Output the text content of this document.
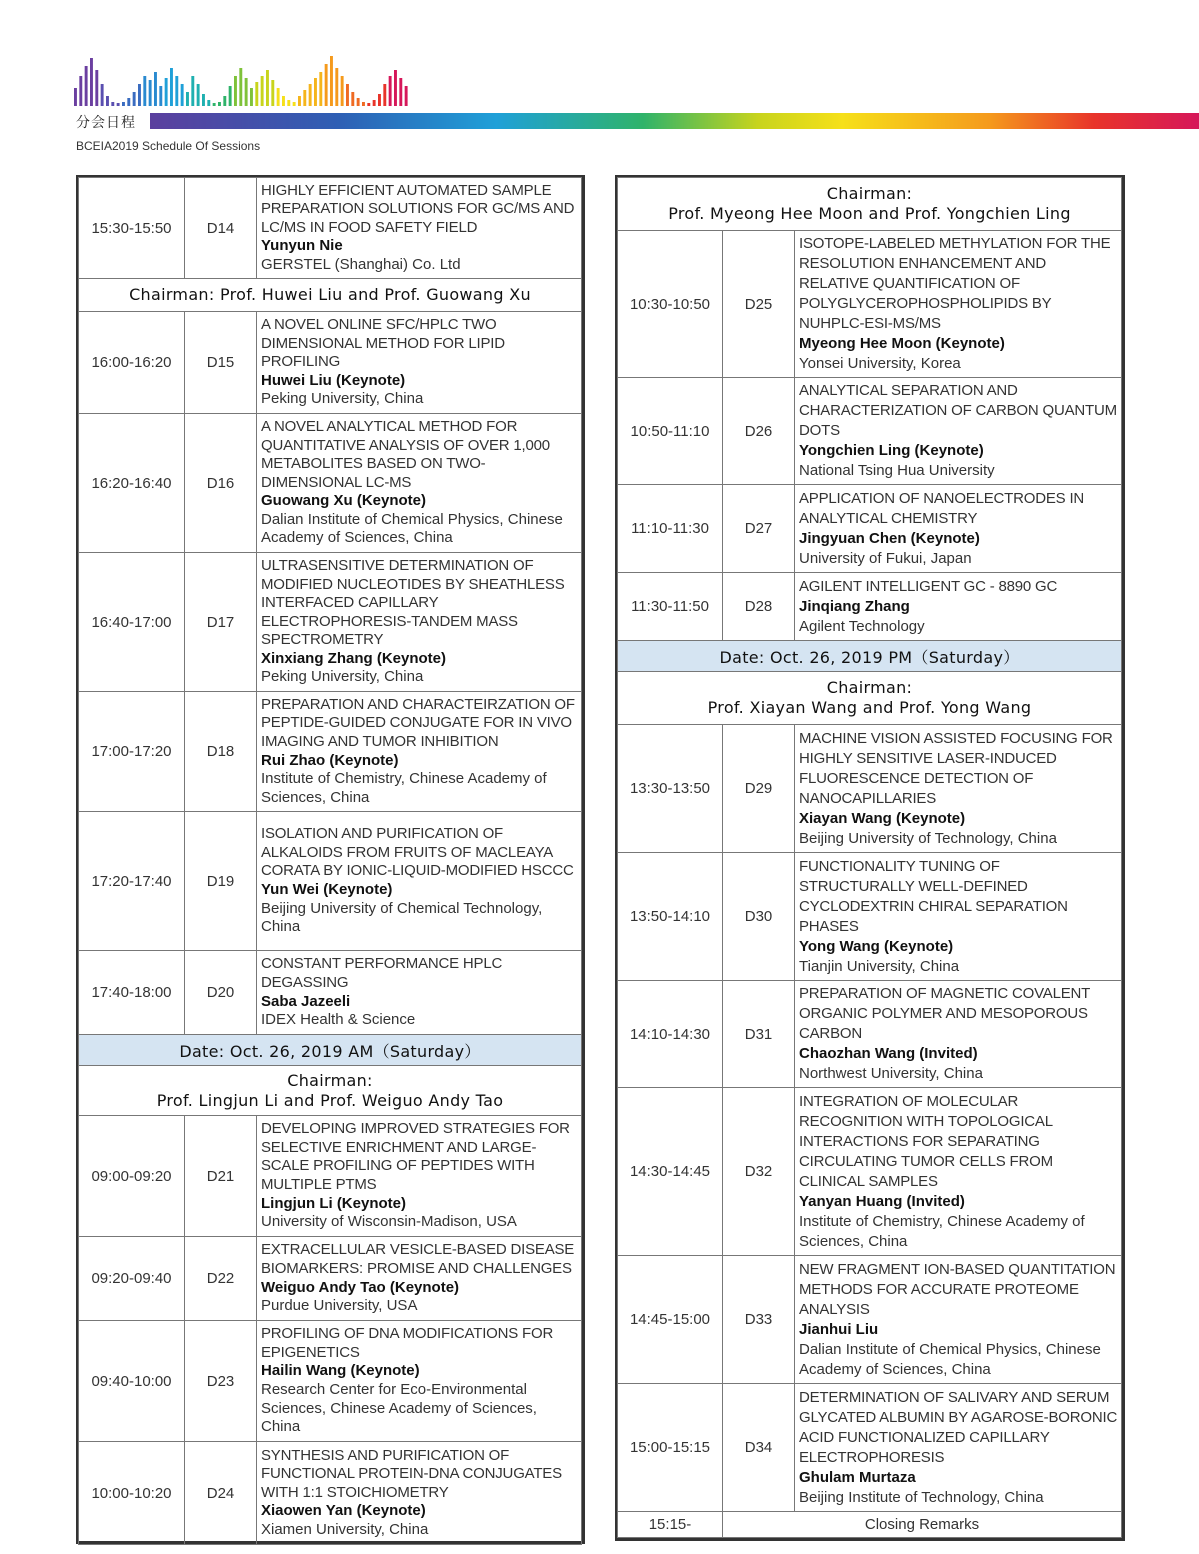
分会日程
BCEIA2019 Schedule Of Sessions
15:30-15:50	D14	HIGHLY EFFICIENT AUTOMATED SAMPLE PREPARATION SOLUTIONS FOR GC/MS AND LC/MS IN FOOD SAFETY FIELD
Yunyun Nie
GERSTEL (Shanghai) Co. Ltd

Chairman: Prof. Huwei Liu and Prof. Guowang Xu		
16:00-16:20	D15	A NOVEL ONLINE SFC/HPLC TWO DIMENSIONAL METHOD FOR LIPID PROFILING
Huwei Liu (Keynote)
Peking University, China

16:20-16:40	D16	A NOVEL ANALYTICAL METHOD FOR QUANTITATIVE ANALYSIS OF OVER 1,000 METABOLITES BASED ON TWO-DIMENSIONAL LC-MS
Guowang Xu (Keynote)
Dalian Institute of Chemical Physics, Chinese Academy of Sciences, China

16:40-17:00	D17	ULTRASENSITIVE DETERMINATION OF MODIFIED NUCLEOTIDES BY SHEATHLESS INTERFACED CAPILLARY ELECTROPHORESIS-TANDEM MASS SPECTROMETRY
Xinxiang Zhang (Keynote)
Peking University, China

17:00-17:20	D18	PREPARATION AND CHARACTEIRZATION OF PEPTIDE-GUIDED CONJUGATE FOR IN VIVO IMAGING AND TUMOR INHIBITION
Rui Zhao (Keynote)
Institute of Chemistry, Chinese Academy of Sciences, China

17:20-17:40	D19	ISOLATION AND PURIFICATION OF ALKALOIDS FROM FRUITS OF MACLEAYA CORATA BY IONIC-LIQUID-MODIFIED HSCCC
Yun Wei (Keynote)
Beijing University of Chemical Technology, China

17:40-18:00	D20	CONSTANT PERFORMANCE HPLC DEGASSING
Saba Jazeeli
IDEX Health & Science

Date: Oct. 26, 2019 AM（Saturday）		

Chairman:
Prof. Lingjun Li and Prof. Weiguo Andy Tao		

09:00-09:20	D21	DEVELOPING IMPROVED STRATEGIES FOR SELECTIVE ENRICHMENT AND LARGE-SCALE PROFILING OF PEPTIDES WITH MULTIPLE PTMS
Lingjun Li (Keynote)
University of Wisconsin-Madison, USA

09:20-09:40	D22	EXTRACELLULAR VESICLE-BASED DISEASE BIOMARKERS: PROMISE AND CHALLENGES
Weiguo Andy Tao (Keynote)
Purdue University, USA

09:40-10:00	D23	PROFILING OF DNA MODIFICATIONS FOR EPIGENETICS
Hailin Wang (Keynote)
Research Center for Eco-Environmental Sciences, Chinese Academy of Sciences, China

10:00-10:20	D24	SYNTHESIS AND PURIFICATION OF FUNCTIONAL PROTEIN-DNA CONJUGATES WITH 1:1 STOICHIOMETRY
Xiaowen Yan (Keynote)
Xiamen University, China
Chairman:
Prof. Myeong Hee Moon and Prof. Yongchien Ling		

10:30-10:50	D25	ISOTOPE-LABELED METHYLATION FOR THE RESOLUTION ENHANCEMENT AND RELATIVE QUANTIFICATION OF POLYGLYCEROPHOSPHOLIPIDS BY NUHPLC-ESI-MS/MS
Myeong Hee Moon (Keynote)
Yonsei University, Korea

10:50-11:10	D26	ANALYTICAL SEPARATION AND CHARACTERIZATION OF CARBON QUANTUM DOTS
Yongchien Ling (Keynote)
National Tsing Hua University

11:10-11:30	D27	APPLICATION OF NANOELECTRODES IN ANALYTICAL CHEMISTRY
Jingyuan Chen (Keynote)
University of Fukui, Japan

11:30-11:50	D28	AGILENT INTELLIGENT GC - 8890 GC
Jinqiang Zhang
Agilent Technology

Date: Oct. 26, 2019 PM（Saturday）		

Chairman:
Prof. Xiayan Wang and Prof. Yong Wang		

13:30-13:50	D29	MACHINE VISION ASSISTED FOCUSING FOR HIGHLY SENSITIVE LASER-INDUCED FLUORESCENCE DETECTION OF NANOCAPILLARIES
Xiayan Wang (Keynote)
Beijing University of Technology, China

13:50-14:10	D30	FUNCTIONALITY TUNING OF STRUCTURALLY WELL-DEFINED CYCLODEXTRIN CHIRAL SEPARATION PHASES
Yong Wang (Keynote)
Tianjin University, China

14:10-14:30	D31	PREPARATION OF MAGNETIC COVALENT ORGANIC POLYMER AND MESOPOROUS CARBON
Chaozhan Wang (Invited)
Northwest University, China

14:30-14:45	D32	INTEGRATION OF MOLECULAR RECOGNITION WITH TOPOLOGICAL INTERACTIONS FOR SEPARATING CIRCULATING TUMOR CELLS FROM CLINICAL SAMPLES
Yanyan Huang (Invited)
Institute of Chemistry, Chinese Academy of Sciences, China

14:45-15:00	D33	NEW FRAGMENT ION-BASED QUANTITATION METHODS FOR ACCURATE PROTEOME ANALYSIS
Jianhui Liu
Dalian Institute of Chemical Physics, Chinese Academy of Sciences, China

15:00-15:15	D34	DETERMINATION OF SALIVARY AND SERUM GLYCATED ALBUMIN BY AGAROSE-BORONIC ACID FUNCTIONALIZED CAPILLARY ELECTROPHORESIS
Ghulam Murtaza
Beijing Institute of Technology, China

15:15-	Closing Remarks	
